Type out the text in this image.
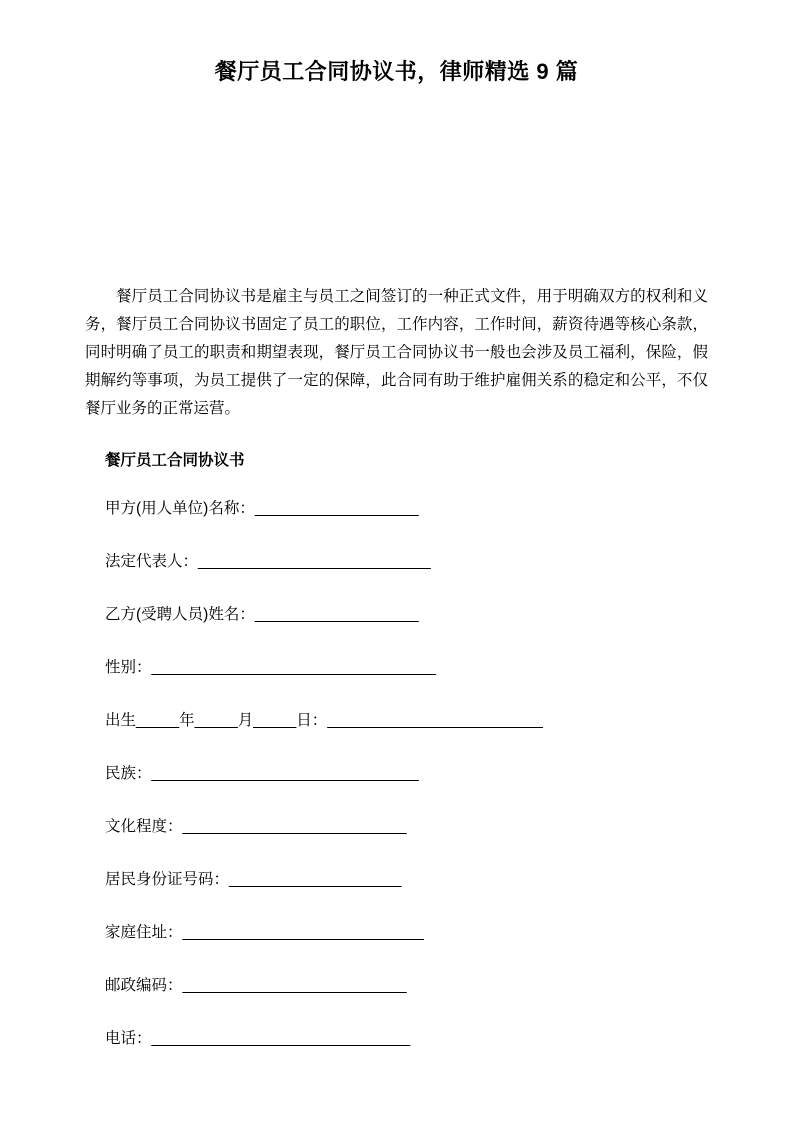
餐厅员工合同协议书，律师精选 9 篇

餐厅员工合同协议书是雇主与员工之间签订的一种正式文件，用于明确双方的权利和义务，餐厅员工合同协议书固定了员工的职位，工作内容，工作时间，薪资待遇等核心条款，同时明确了员工的职责和期望表现，餐厅员工合同协议书一般也会涉及员工福利，保险，假期解约等事项，为员工提供了一定的保障，此合同有助于维护雇佣关系的稳定和公平，不仅餐厅业务的正常运营。

餐厅员工合同协议书

甲方(用人单位)名称：___________________

法定代表人：___________________________

乙方(受聘人员)姓名：___________________

性别：_________________________________

出生_____年_____月_____日：_________________________

民族：_______________________________

文化程度：__________________________

居民身份证号码：____________________

家庭住址：____________________________

邮政编码：__________________________

电话：______________________________
